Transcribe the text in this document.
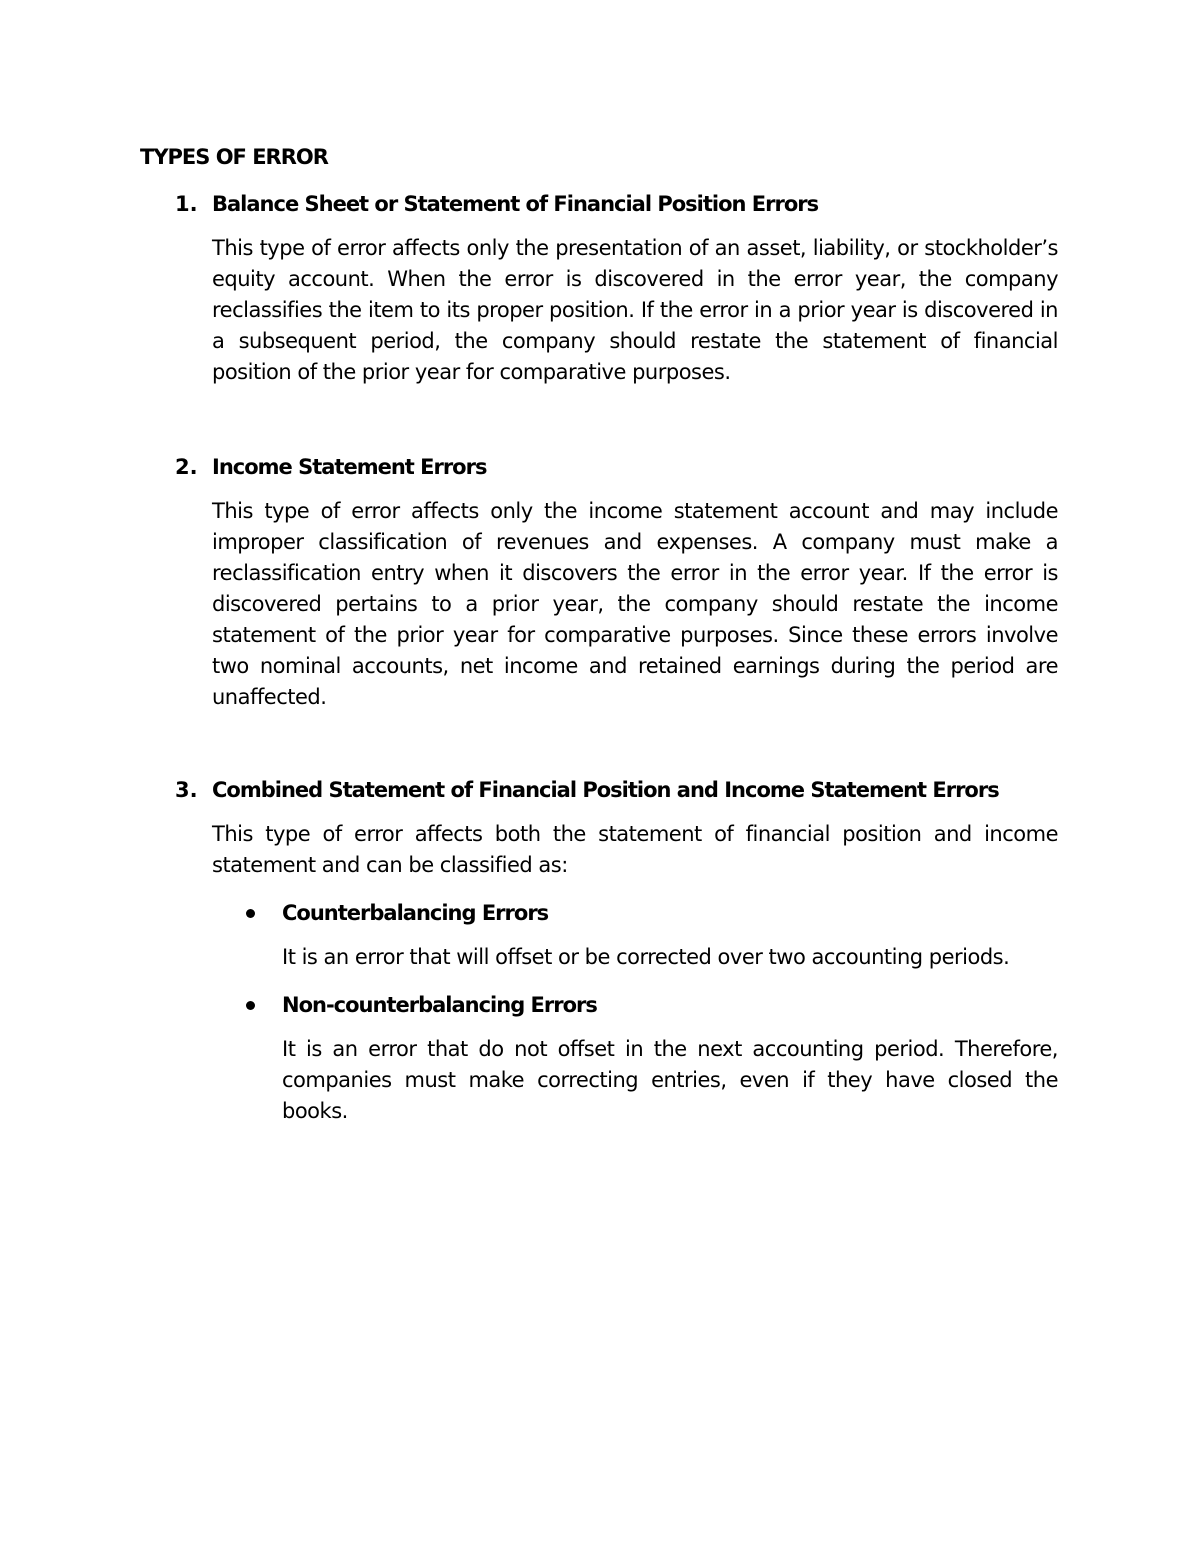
TYPES OF ERROR
1. Balance Sheet or Statement of Financial Position Errors

This type of error affects only the presentation of an asset, liability, or stockholder’s equity account. When the error is discovered in the error year, the company reclassifies the item to its proper position. If the error in a prior year is discovered in a subsequent period, the company should restate the statement of financial position of the prior year for comparative purposes.

2. Income Statement Errors

This type of error affects only the income statement account and may include improper classification of revenues and expenses. A company must make a reclassification entry when it discovers the error in the error year. If the error is discovered pertains to a prior year, the company should restate the income statement of the prior year for comparative purposes. Since these errors involve two nominal accounts, net income and retained earnings during the period are unaffected.

3. Combined Statement of Financial Position and Income Statement Errors

This type of error affects both the statement of financial position and income statement and can be classified as:

Counterbalancing Errors

It is an error that will offset or be corrected over two accounting periods.

Non-counterbalancing Errors

It is an error that do not offset in the next accounting period. Therefore, companies must make correcting entries, even if they have closed the books.
